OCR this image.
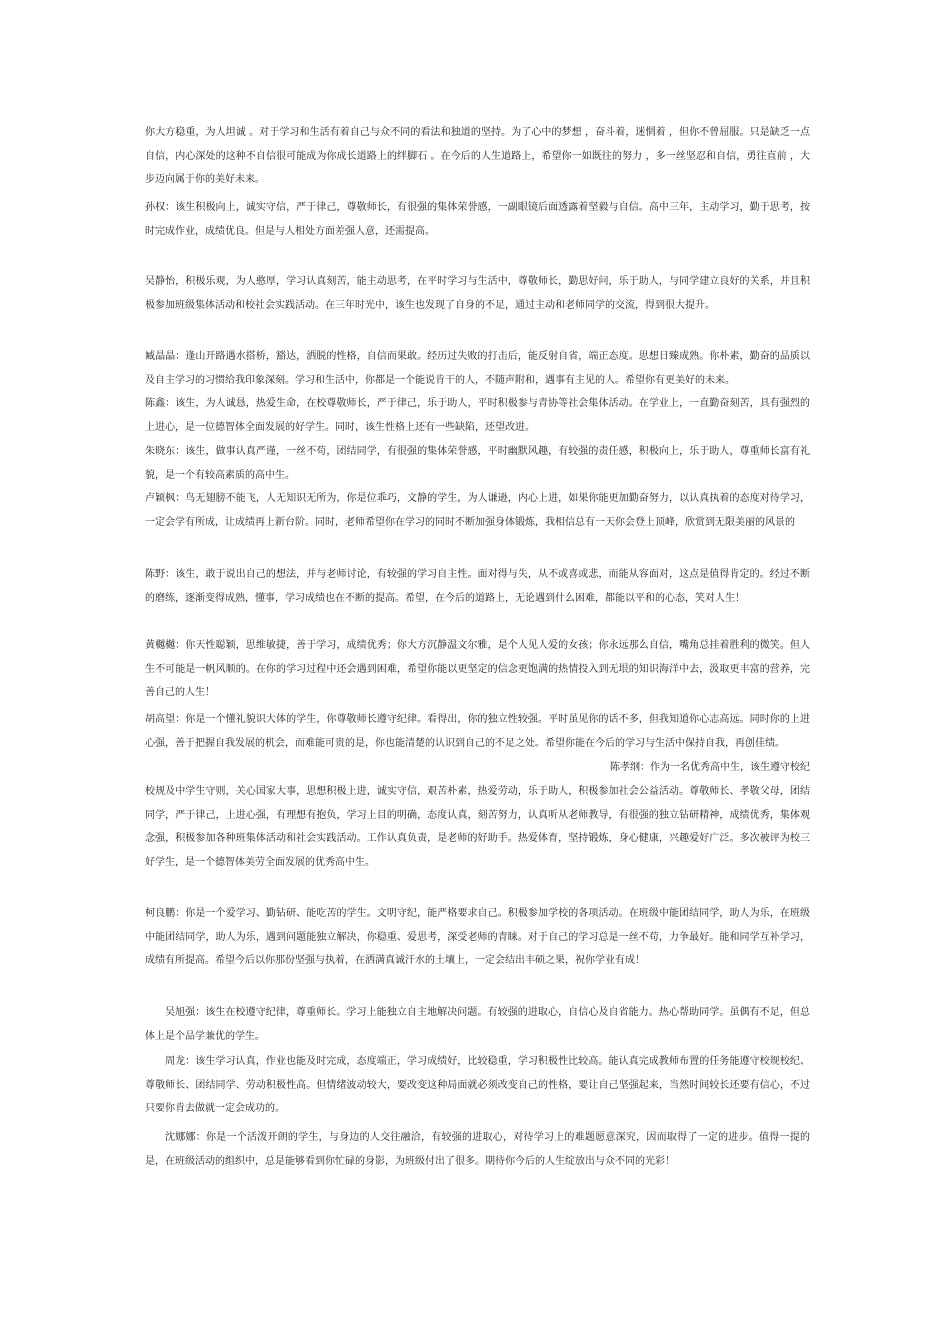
你大方稳重，为人坦诚 。对于学习和生活有着自己与众不同的看法和独道的坚持。为了心中的梦想 ，奋斗着，迷惘着 ，但你不曾屈服。只是缺乏一点自信，内心深处的这种不自信很可能成为你成长道路上的绊脚石 。在今后的人生道路上，希望你一如既往的努力 ，多一丝坚忍和自信，勇往直前 ，大步迈向属于你的美好未来。

孙权：该生积极向上，诚实守信，严于律己，尊敬师长，有很强的集体荣誉感，一副眼镜后面透露着坚毅与自信。高中三年，主动学习，勤于思考，按时完成作业，成绩优良。但是与人相处方面差强人意，还需提高。

吴静怡，积极乐观，为人憨厚，学习认真刻苦，能主动思考，在平时学习与生活中，尊敬师长，勤思好问，乐于助人，与同学建立良好的关系，并且积极参加班级集体活动和校社会实践活动。在三年时光中，该生也发现了自身的不足，通过主动和老师同学的交流，得到很大提升。

臧晶晶：逢山开路遇水搭桥，豁达，洒脱的性格，自信而果敢。经历过失败的打击后，能反射自省，端正态度。思想日臻成熟。你朴素，勤奋的品质以及自主学习的习惯给我印象深刻。学习和生活中，你都是一个能说肯干的人，不随声附和，遇事有主见的人。希望你有更美好的未来。

陈鑫：该生，为人诚恳，热爱生命，在校尊敬师长，严于律己，乐于助人，平时积极参与青协等社会集体活动。在学业上，一直勤奋刻苦，具有强烈的上进心，是一位德智体全面发展的好学生。同时，该生性格上还有一些缺陷，还望改进。

朱晓东：该生，做事认真严谨，一丝不苟，团结同学，有很强的集体荣誉感，平时幽默风趣，有较强的责任感，积极向上，乐于助人，尊重师长富有礼貌，是一个有较高素质的高中生。

卢颖枫：鸟无翅膀不能飞，人无知识无所为，你是位乖巧，文静的学生，为人谦逊，内心上进，如果你能更加勤奋努力，以认真执着的态度对待学习，一定会学有所成，让成绩再上新台阶。同时，老师希望你在学习的同时不断加强身体锻炼，我相信总有一天你会登上顶峰，欣赏到无限美丽的风景的

陈野：该生，敢于说出自己的想法，并与老师讨论，有较强的学习自主性。面对得与失，从不或喜或悲，而能从容面对，这点是值得肯定的。经过不断的磨练，逐渐变得成熟，懂事，学习成绩也在不断的提高。希望，在今后的道路上，无论遇到什么困难，都能以平和的心态，笑对人生！

黄樾樾：你天性聪颖，思维敏捷，善于学习，成绩优秀；你大方沉静温文尔雅，是个人见人爱的女孩；你永远那么自信，嘴角总挂着胜利的微笑。但人生不可能是一帆风顺的。在你的学习过程中还会遇到困难，希望你能以更坚定的信念更饱满的热情投入到无垠的知识海洋中去，汲取更丰富的营养，完善自己的人生！

胡高望：你是一个懂礼貌识大体的学生，你尊敬师长遵守纪律。看得出，你的独立性较强。平时虽见你的话不多，但我知道你心志高远。同时你的上进心强，善于把握自我发展的机会，而难能可贵的是，你也能清楚的认识到自己的不足之处。希望你能在今后的学习与生活中保持自我，再创佳绩。

陈孝纲：作为一名优秀高中生，该生遵守校纪

校规及中学生守则，关心国家大事，思想积极上进，诚实守信，艰苦朴素，热爱劳动，乐于助人，积极参加社会公益活动。尊敬师长、孝敬父母，团结同学，严于律己，上进心强，有理想有抱负，学习上目的明确，态度认真，刻苦努力，认真听从老师教导，有很强的独立钻研精神，成绩优秀，集体观念强，积极参加各种班集体活动和社会实践活动。工作认真负责，是老师的好助手。热爱体育，坚持锻炼，身心健康，兴趣爱好广泛。多次被评为校三好学生，是一个德智体美劳全面发展的优秀高中生。

柯良鹏：你是一个爱学习、勤钻研、能吃苦的学生。文明守纪，能严格要求自己。积极参加学校的各项活动。在班级中能团结同学，助人为乐，在班级中能团结同学，助人为乐，遇到问题能独立解决，你稳重、爱思考，深受老师的青睐。对于自己的学习总是一丝不苟，力争最好。能和同学互补学习，成绩有所提高。希望今后以你那份坚强与执着，在洒满真诚汗水的土壤上，一定会结出丰硕之果，祝你学业有成！

吴旭强：该生在校遵守纪律，尊重师长。学习上能独立自主地解决问题。有较强的进取心，自信心及自省能力。热心帮助同学。虽偶有不足，但总体上是个品学兼优的学生。

周龙：该生学习认真，作业也能及时完成，态度端正，学习成绩好，比较稳重，学习积极性比较高。能认真完成教师布置的任务能遵守校规校纪、尊敬师长、团结同学、劳动积极性高。但情绪波动较大，要改变这种局面就必须改变自己的性格，要让自己坚强起来，当然时间较长还要有信心，不过只要你肯去做就一定会成功的。

沈娜娜：你是一个活泼开朗的学生，与身边的人交往融洽，有较强的进取心，对待学习上的难题愿意深究，因而取得了一定的进步。值得一提的是，在班级活动的组织中，总是能够看到你忙碌的身影，为班级付出了很多。期待你今后的人生绽放出与众不同的光彩！
